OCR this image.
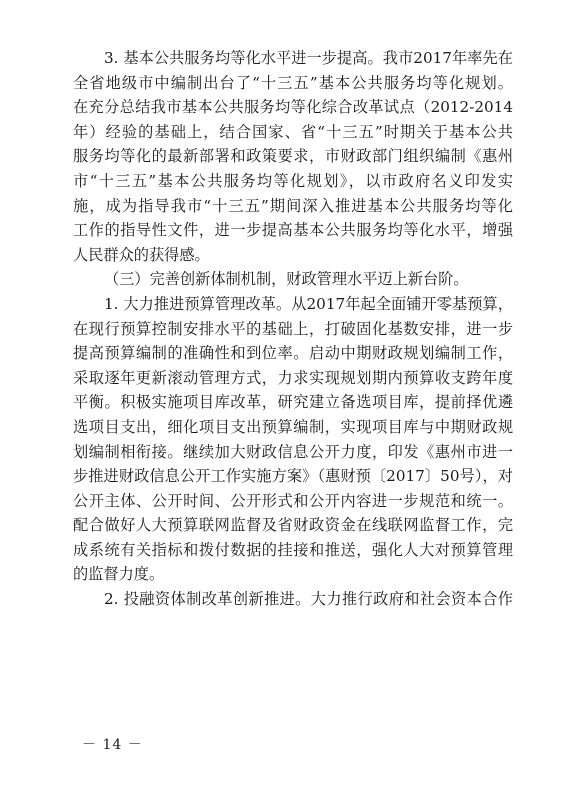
3. 基本公共服务均等化水平进一步提高。我市2017年率先在
全省地级市中编制出台了“十三五”基本公共服务均等化规划。
在充分总结我市基本公共服务均等化综合改革试点（2012-2014
年）经验的基础上，结合国家、省“十三五”时期关于基本公共
服务均等化的最新部署和政策要求，市财政部门组织编制《惠州
市“十三五”基本公共服务均等化规划》，以市政府名义印发实
施，成为指导我市“十三五”期间深入推进基本公共服务均等化
工作的指导性文件，进一步提高基本公共服务均等化水平，增强
人民群众的获得感。
（三）完善创新体制机制，财政管理水平迈上新台阶。
1. 大力推进预算管理改革。从2017年起全面铺开零基预算，
在现行预算控制安排水平的基础上，打破固化基数安排，进一步
提高预算编制的准确性和到位率。启动中期财政规划编制工作，
采取逐年更新滚动管理方式，力求实现规划期内预算收支跨年度
平衡。积极实施项目库改革，研究建立备选项目库，提前择优遴
选项目支出，细化项目支出预算编制，实现项目库与中期财政规
划编制相衔接。继续加大财政信息公开力度，印发《惠州市进一
步推进财政信息公开工作实施方案》（惠财预〔2017〕50号），对
公开主体、公开时间、公开形式和公开内容进一步规范和统一。
配合做好人大预算联网监督及省财政资金在线联网监督工作，完
成系统有关指标和拨付数据的挂接和推送，强化人大对预算管理
的监督力度。
2. 投融资体制改革创新推进。大力推行政府和社会资本合作
－ 14 －
